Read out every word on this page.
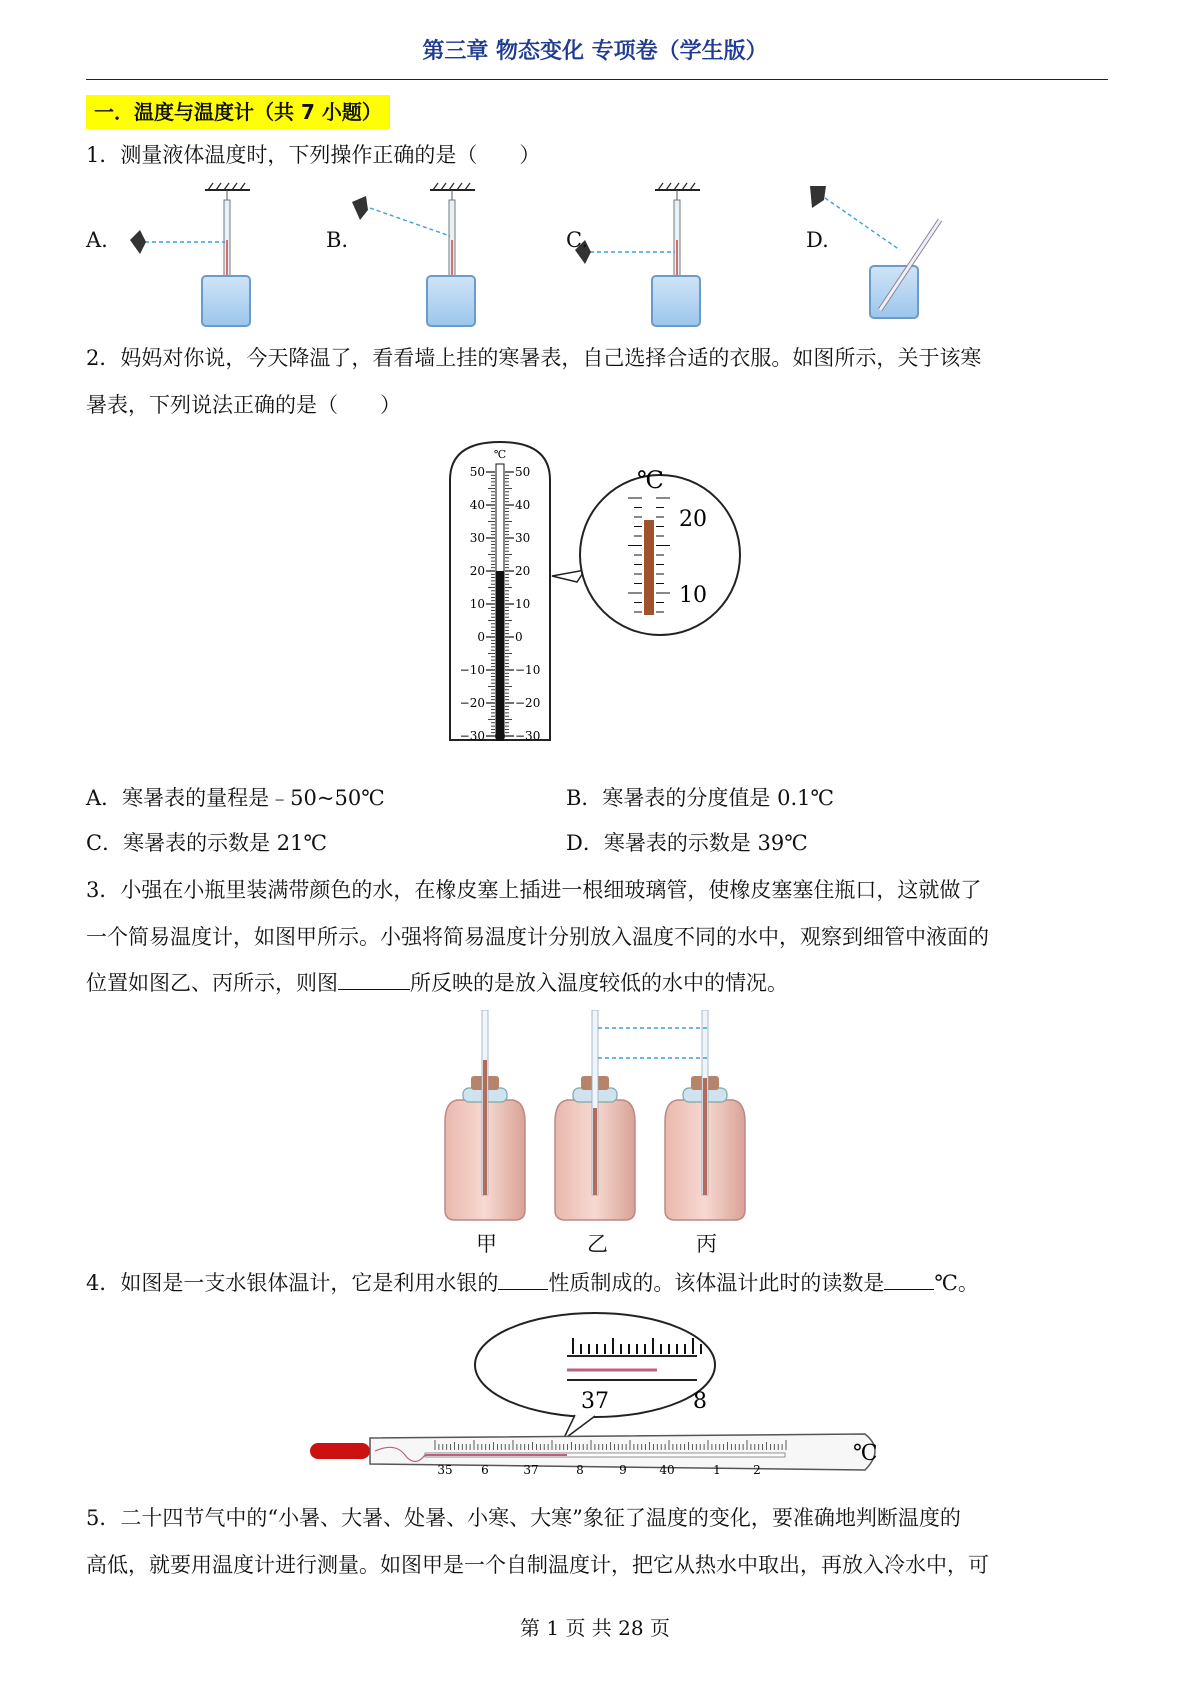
第三章 物态变化 专项卷（学生版）
一．温度与温度计（共 7 小题）
1．测量液体温度时，下列操作正确的是（　　）
A.	B.	C.	D.
2．妈妈对你说，今天降温了，看看墙上挂的寒暑表，自己选择合适的衣服。如图所示，关于该寒
暑表，下列说法正确的是（　　）
℃
50	50
40	40
30	30
20	20
10	10
0	0
−10	−10
−20	−20
−30	−30
℃
20
10
A．寒暑表的量程是﹣50~50℃	B．寒暑表的分度值是 0.1℃
C．寒暑表的示数是 21℃	D．寒暑表的示数是 39℃
3．小强在小瓶里装满带颜色的水，在橡皮塞上插进一根细玻璃管，使橡皮塞塞住瓶口，这就做了
一个简易温度计，如图甲所示。小强将简易温度计分别放入温度不同的水中，观察到细管中液面的
位置如图乙、丙所示，则图	所反映的是放入温度较低的水中的情况。
甲	乙	丙
4．如图是一支水银体温计，它是利用水银的 性质制成的。该体温计此时的读数是 ℃。
37	8
35 6	37	8	9	40	1	2
℃
5．二十四节气中的“小暑、大暑、处暑、小寒、大寒”象征了温度的变化，要准确地判断温度的
高低，就要用温度计进行测量。如图甲是一个自制温度计，把它从热水中取出，再放入冷水中，可
第 1 页 共 28 页
